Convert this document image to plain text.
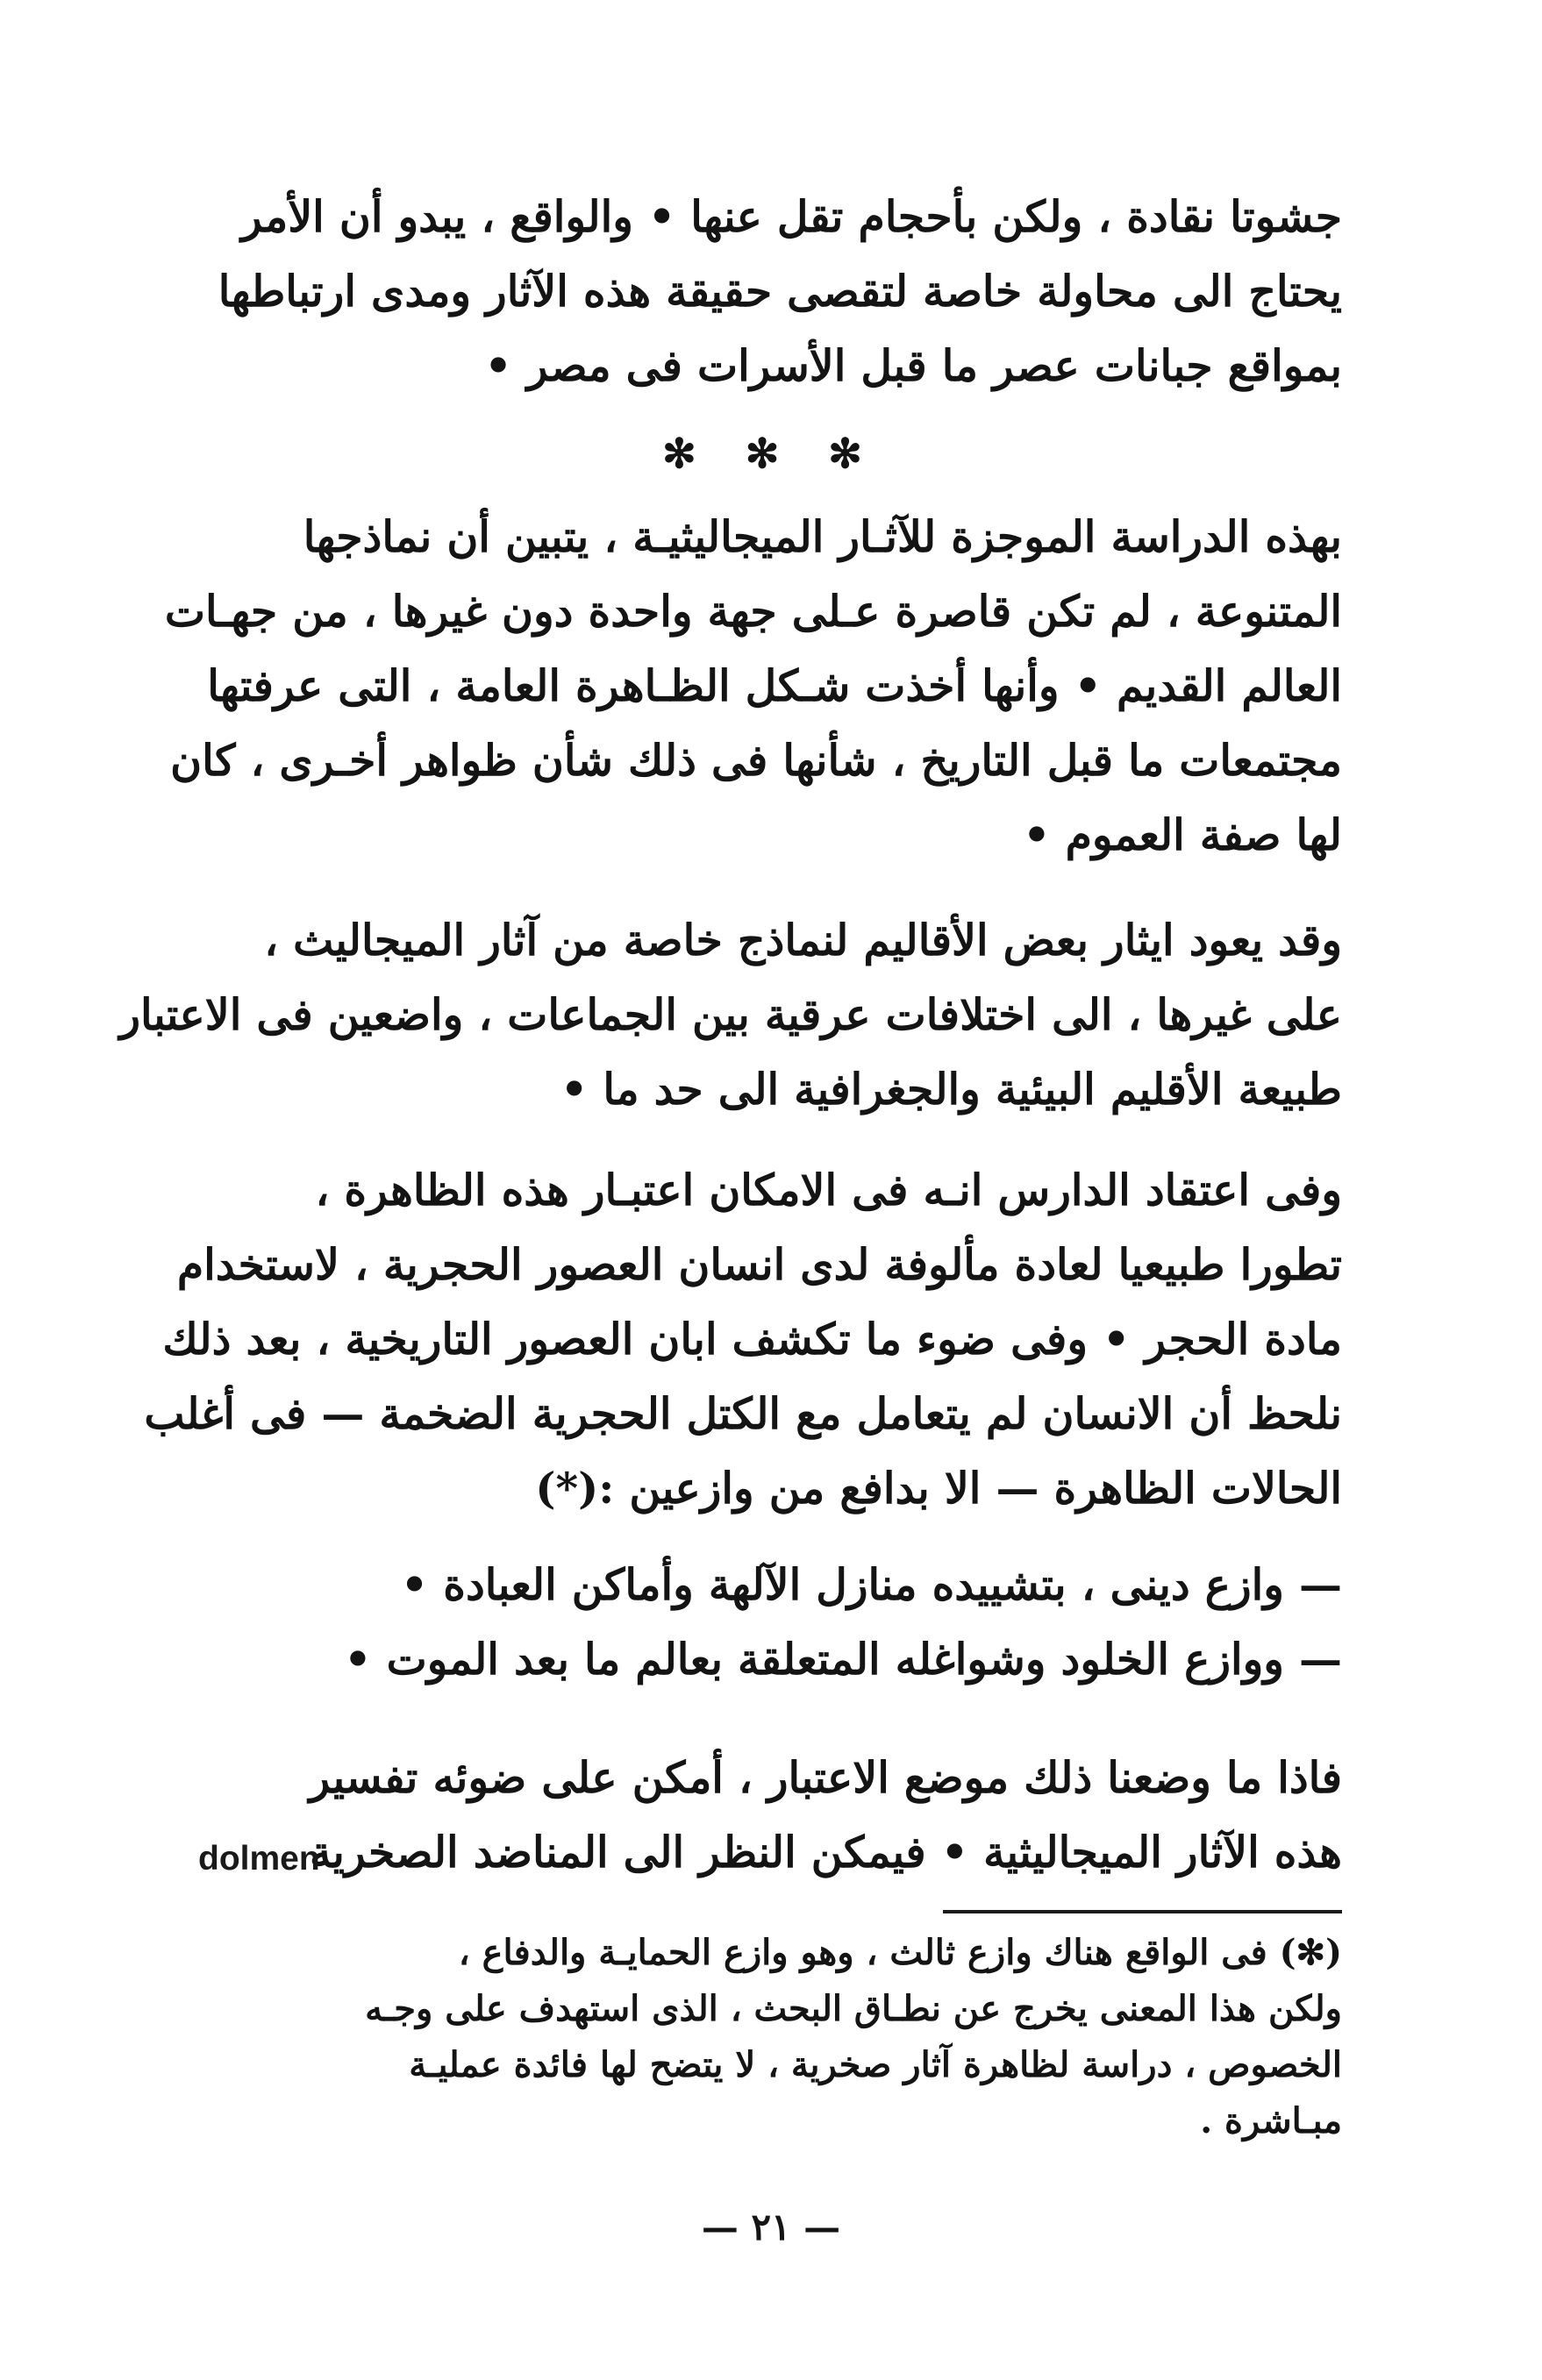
جشوتا نقادة ، ولكن بأحجام تقل عنها • والواقع ، يبدو أن الأمر
يحتاج الى محاولة خاصة لتقصى حقيقة هذه الآثار ومدى ارتباطها
بمواقع جبانات عصر ما قبل الأسرات فى مصر •
✻ ✻ ✻
بهذه الدراسة الموجزة للآثـار الميجاليثيـة ، يتبين أن نماذجها
المتنوعة ، لم تكن قاصرة عـلى جهة واحدة دون غيرها ، من جهـات
العالم القديم • وأنها أخذت شـكل الظـاهرة العامة ، التى عرفتها
مجتمعات ما قبل التاريخ ، شأنها فى ذلك شأن ظواهر أخـرى ، كان
لها صفة العموم •
وقد يعود ايثار بعض الأقاليم لنماذج خاصة من آثار الميجاليث ،
على غيرها ، الى اختلافات عرقية بين الجماعات ، واضعين فى الاعتبار
طبيعة الأقليم البيئية والجغرافية الى حد ما •
وفى اعتقاد الدارس انـه فى الامكان اعتبـار هذه الظاهرة ،
تطورا طبيعيا لعادة مألوفة لدى انسان العصور الحجرية ، لاستخدام
مادة الحجر • وفى ضوء ما تكشف ابان العصور التاريخية ، بعد ذلك
نلحظ أن الانسان لم يتعامل مع الكتل الحجرية الضخمة — فى أغلب
الحالات الظاهرة — الا بدافع من وازعين :(*)
— وازع دينى ، بتشييده منازل الآلهة وأماكن العبادة •
— ووازع الخلود وشواغله المتعلقة بعالم ما بعد الموت •
فاذا ما وضعنا ذلك موضع الاعتبار ، أمكن على ضوئه تفسير
هذه الآثار الميجاليثية • فيمكن النظر الى المناضد الصخرية
dolmen
(✻) فى الواقع هناك وازع ثالث ، وهو وازع الحمايـة والدفاع ،
ولكن هذا المعنى يخرج عن نطـاق البحث ، الذى استهدف على وجـه
الخصوص ، دراسة لظاهرة آثار صخرية ، لا يتضح لها فائدة عمليـة
مبـاشرة .
— ٢١ —
